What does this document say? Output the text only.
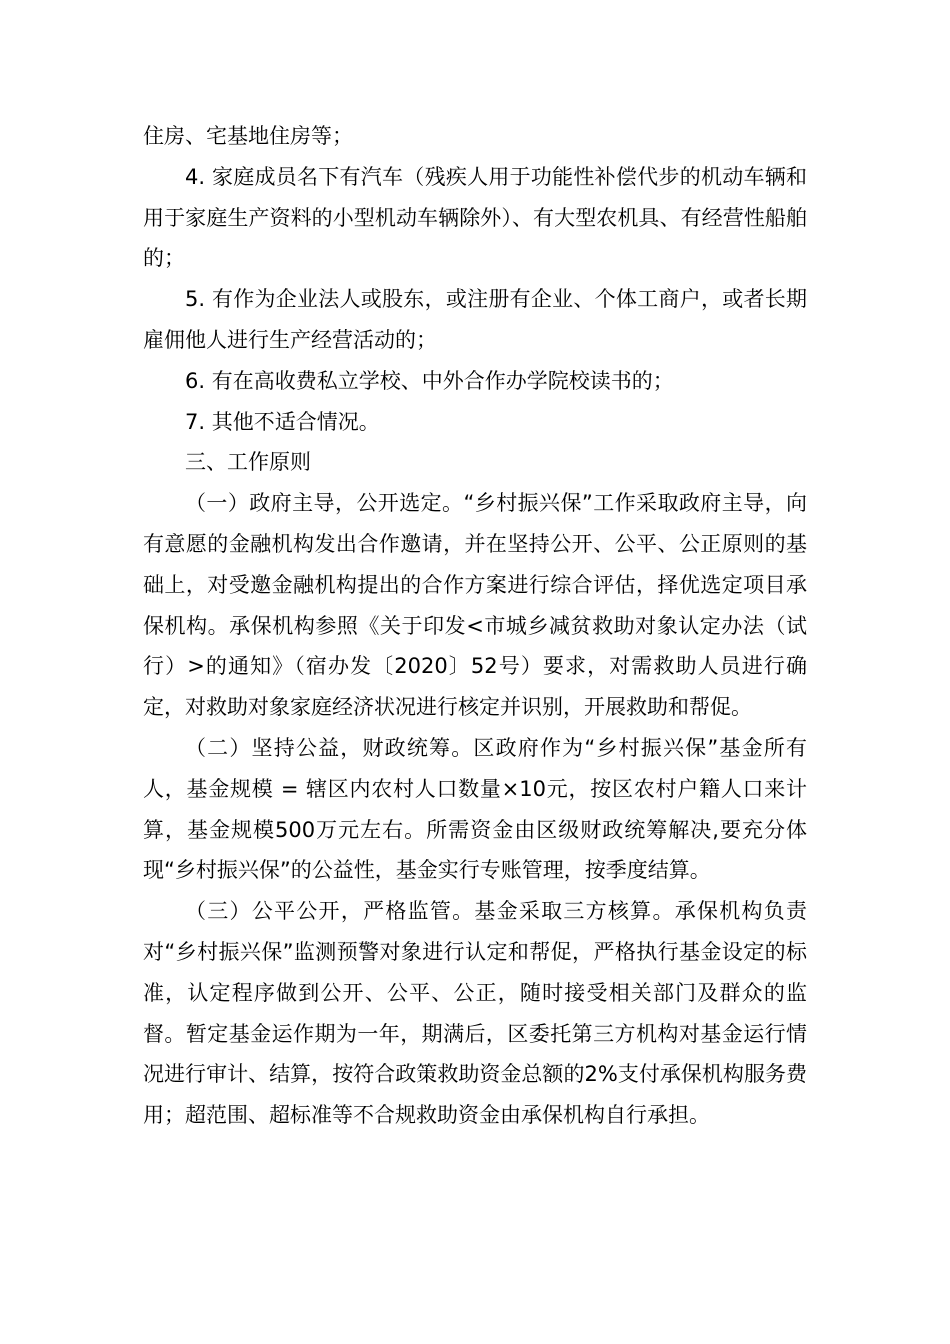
住房、宅基地住房等；

4. 家庭成员名下有汽车（残疾人用于功能性补偿代步的机动车辆和用于家庭生产资料的小型机动车辆除外）、有大型农机具、有经营性船舶的；

5. 有作为企业法人或股东，或注册有企业、个体工商户，或者长期雇佣他人进行生产经营活动的；

6. 有在高收费私立学校、中外合作办学院校读书的；

7. 其他不适合情况。

三、工作原则

（一）政府主导，公开选定。“乡村振兴保”工作采取政府主导，向有意愿的金融机构发出合作邀请，并在坚持公开、公平、公正原则的基础上，对受邀金融机构提出的合作方案进行综合评估，择优选定项目承保机构。承保机构参照《关于印发<市城乡减贫救助对象认定办法（试行）>的通知》（宿办发〔2020〕52号）要求，对需救助人员进行确定，对救助对象家庭经济状况进行核定并识别，开展救助和帮促。

（二）坚持公益，财政统筹。区政府作为“乡村振兴保”基金所有人，基金规模 = 辖区内农村人口数量×10元，按区农村户籍人口来计算，基金规模500万元左右。所需资金由区级财政统筹解决,要充分体现“乡村振兴保”的公益性，基金实行专账管理，按季度结算。

（三）公平公开，严格监管。基金采取三方核算。承保机构负责对“乡村振兴保”监测预警对象进行认定和帮促，严格执行基金设定的标准，认定程序做到公开、公平、公正，随时接受相关部门及群众的监督。暂定基金运作期为一年，期满后，区委托第三方机构对基金运行情况进行审计、结算，按符合政策救助资金总额的2%支付承保机构服务费用；超范围、超标准等不合规救助资金由承保机构自行承担。
